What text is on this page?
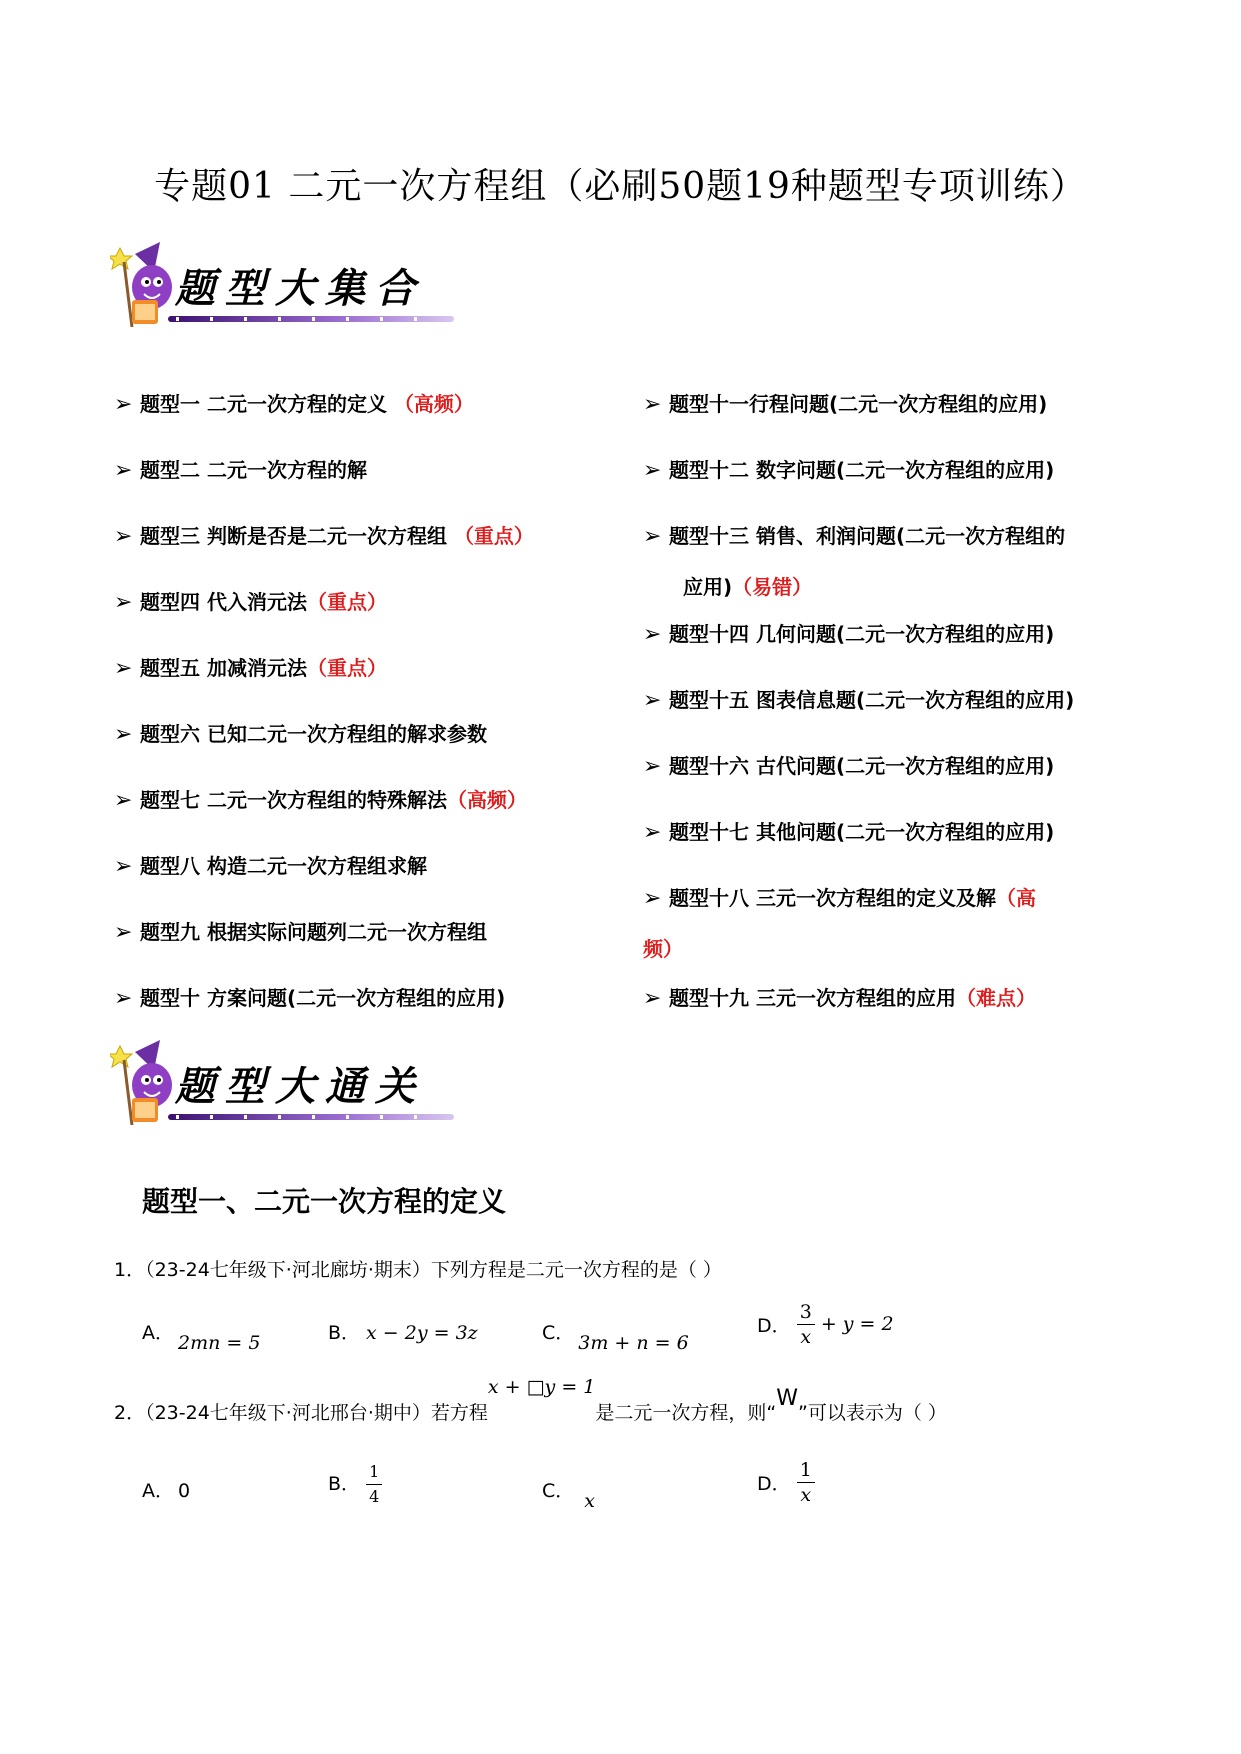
专题01 二元一次方程组（必刷50题19种题型专项训练）
题型大集合
➢ 题型一 二元一次方程的定义 （高频）
➢ 题型二 二元一次方程的解
➢ 题型三 判断是否是二元一次方程组 （重点）
➢ 题型四 代入消元法（重点）
➢ 题型五 加减消元法（重点）
➢ 题型六 已知二元一次方程组的解求参数
➢ 题型七 二元一次方程组的特殊解法（高频）
➢ 题型八 构造二元一次方程组求解
➢ 题型九 根据实际问题列二元一次方程组
➢ 题型十 方案问题(二元一次方程组的应用)
➢ 题型十一行程问题(二元一次方程组的应用)
➢ 题型十二 数字问题(二元一次方程组的应用)
➢ 题型十三 销售、利润问题(二元一次方程组的
应用)（易错）
➢ 题型十四 几何问题(二元一次方程组的应用)
➢ 题型十五 图表信息题(二元一次方程组的应用)
➢ 题型十六 古代问题(二元一次方程组的应用)
➢ 题型十七 其他问题(二元一次方程组的应用)
➢ 题型十八 三元一次方程组的定义及解（高
频）
➢ 题型十九 三元一次方程组的应用（难点）
题型大通关
题型一、二元一次方程的定义
1．（23-24七年级下·河北廊坊·期末）下列方程是二元一次方程的是（ ）
A． 2mn = 5	B． x − 2y = 3z	C． 3m + n = 6
D． $\frac{3}{x} + y = 2$
2．（23-24七年级下·河北邢台·期中）若方程x + □y = 1是二元一次方程，则“W”可以表示为（ ）
A． 0	B． $\frac{1}{4}$	C． x
D． $\frac{1}{x}$
